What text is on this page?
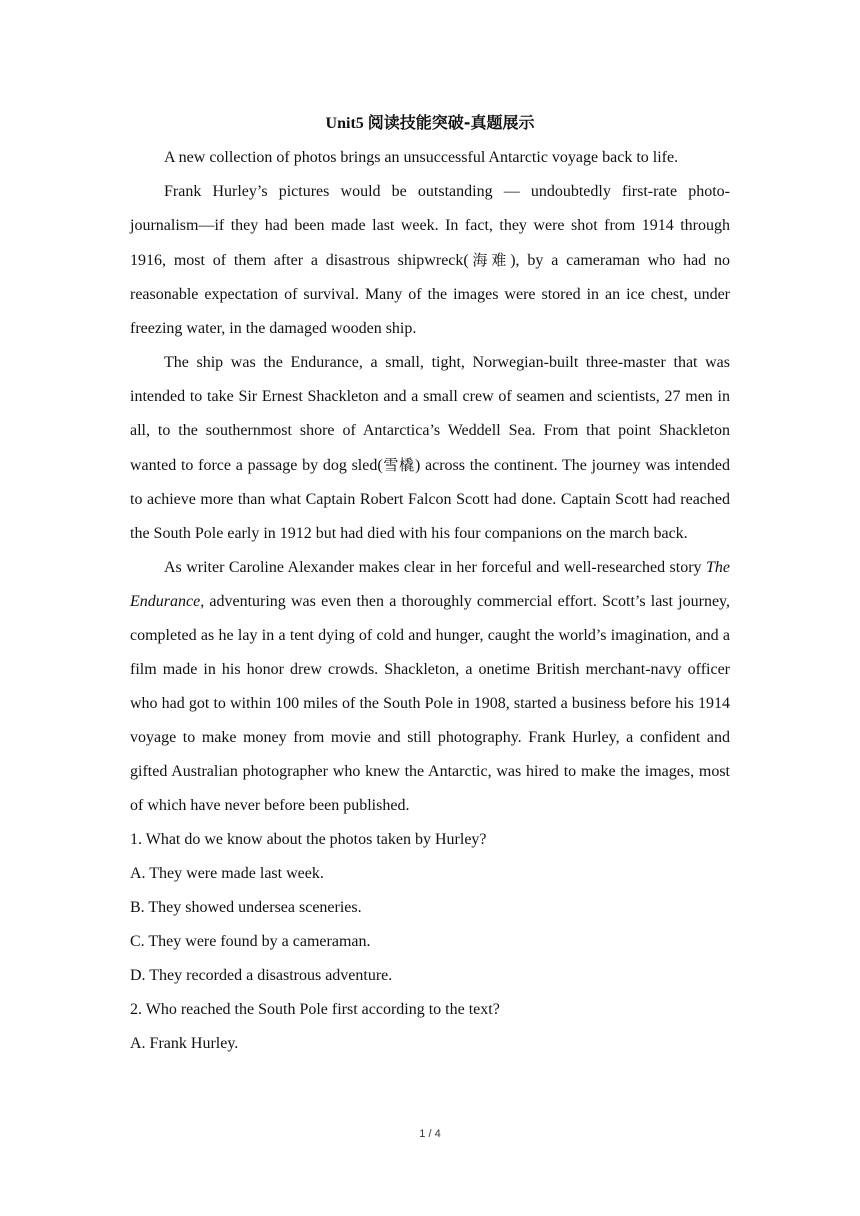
Unit5 阅读技能突破-真题展示

A new collection of photos brings an unsuccessful Antarctic voyage back to life.

Frank Hurley’s pictures would be outstanding — undoubtedly first-rate photo-journalism—if they had been made last week. In fact, they were shot from 1914 through 1916, most of them after a disastrous shipwreck(海难), by a cameraman who had no reasonable expectation of survival. Many of the images were stored in an ice chest, under freezing water, in the damaged wooden ship.

The ship was the Endurance, a small, tight, Norwegian-built three-master that was intended to take Sir Ernest Shackleton and a small crew of seamen and scientists, 27 men in all, to the southernmost shore of Antarctica’s Weddell Sea. From that point Shackleton wanted to force a passage by dog sled(雪橇) across the continent. The journey was intended to achieve more than what Captain Robert Falcon Scott had done. Captain Scott had reached the South Pole early in 1912 but had died with his four companions on the march back.

As writer Caroline Alexander makes clear in her forceful and well-researched story The Endurance, adventuring was even then a thoroughly commercial effort. Scott’s last journey, completed as he lay in a tent dying of cold and hunger, caught the world’s imagination, and a film made in his honor drew crowds. Shackleton, a onetime British merchant-navy officer who had got to within 100 miles of the South Pole in 1908, started a business before his 1914 voyage to make money from movie and still photography. Frank Hurley, a confident and gifted Australian photographer who knew the Antarctic, was hired to make the images, most of which have never before been published.

1. What do we know about the photos taken by Hurley?

A. They were made last week.

B. They showed undersea sceneries.

C. They were found by a cameraman.

D. They recorded a disastrous adventure.

2. Who reached the South Pole first according to the text?

A. Frank Hurley.

1 / 4
